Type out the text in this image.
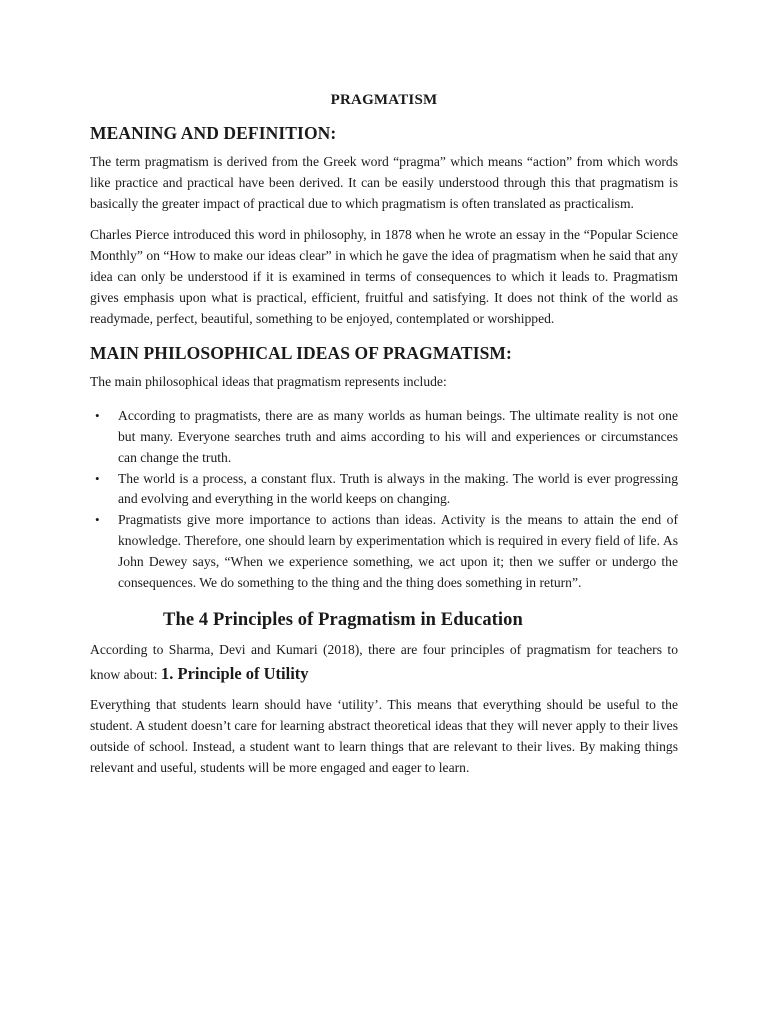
PRAGMATISM
MEANING AND DEFINITION:

The term pragmatism is derived from the Greek word “pragma” which means “action” from which words like practice and practical have been derived. It can be easily understood through this that pragmatism is basically the greater impact of practical due to which pragmatism is often translated as practicalism.

Charles Pierce introduced this word in philosophy, in 1878 when he wrote an essay in the “Popular Science Monthly” on “How to make our ideas clear” in which he gave the idea of pragmatism when he said that any idea can only be understood if it is examined in terms of consequences to which it leads to. Pragmatism gives emphasis upon what is practical, efficient, fruitful and satisfying. It does not think of the world as readymade, perfect, beautiful, something to be enjoyed, contemplated or worshipped.

MAIN PHILOSOPHICAL IDEAS OF PRAGMATISM:

The main philosophical ideas that pragmatism represents include:

• According to pragmatists, there are as many worlds as human beings. The ultimate reality is not one but many. Everyone searches truth and aims according to his will and experiences or circumstances can change the truth.
• The world is a process, a constant flux. Truth is always in the making. The world is ever progressing and evolving and everything in the world keeps on changing.
• Pragmatists give more importance to actions than ideas. Activity is the means to attain the end of knowledge. Therefore, one should learn by experimentation which is required in every field of life. As John Dewey says, “When we experience something, we act upon it; then we suffer or undergo the consequences. We do something to the thing and the thing does something in return”.
The 4 Principles of Pragmatism in Education

According to Sharma, Devi and Kumari (2018), there are four principles of pragmatism for teachers to know about: 1. Principle of Utility

Everything that students learn should have ‘utility’. This means that everything should be useful to the student. A student doesn’t care for learning abstract theoretical ideas that they will never apply to their lives outside of school. Instead, a student want to learn things that are relevant to their lives. By making things relevant and useful, students will be more engaged and eager to learn.
